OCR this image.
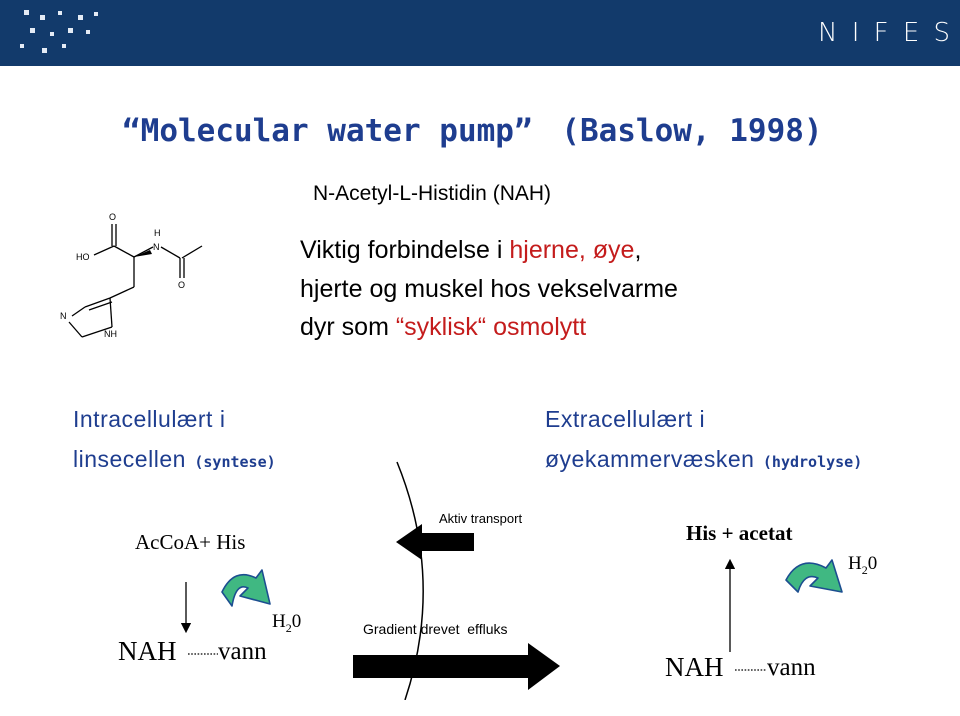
N I F E S
“Molecular water pump” (Baslow, 1998)
N-Acetyl-L-Histidin (NAH)
O
HO
H
N
O
N
NH
Viktig forbindelse i hjerne, øye,
hjerte og muskel hos vekselvarme
dyr som “syklisk“ osmolytt
Intracellulært i
linsecellen (syntese)
Extracellulært i
øyekammervæsken (hydrolyse)
AcCoA+ His
$H_20$
NAH vann
Aktiv transport
Gradient drevet  effluks
His + acetat
$H_20$
NAH vann
